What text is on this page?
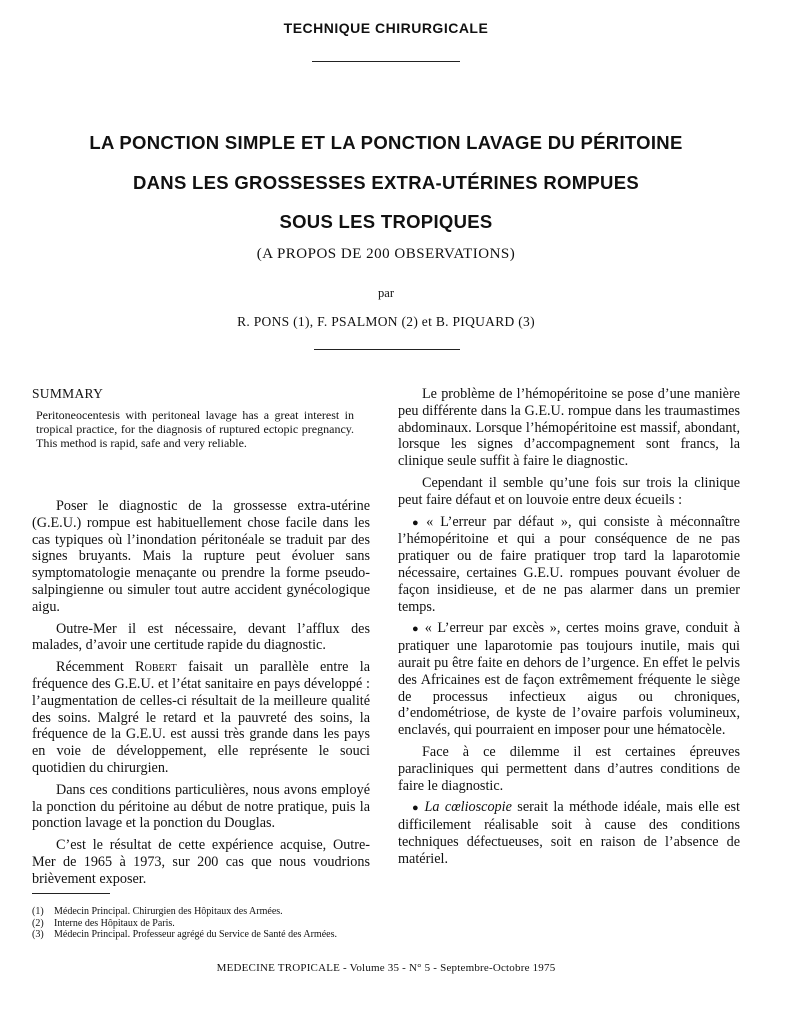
TECHNIQUE CHIRURGICALE
LA PONCTION SIMPLE ET LA PONCTION LAVAGE DU PÉRITOINE
DANS LES GROSSESSES EXTRA-UTÉRINES ROMPUES
SOUS LES TROPIQUES
(A PROPOS DE 200 OBSERVATIONS)
par
R. PONS (1), F. PSALMON (2) et B. PIQUARD (3)
SUMMARY
Peritoneocentesis with peritoneal lavage has a great interest in tropical practice, for the diagnosis of ruptured ectopic pregnancy. This method is rapid, safe and very reliable.

Poser le diagnostic de la grossesse extra-utérine (G.E.U.) rompue est habituellement chose facile dans les cas typiques où l’inondation péritonéale se traduit par des signes bruyants. Mais la rupture peut évoluer sans symptomatologie menaçante ou prendre la forme pseudo-salpingienne ou simuler tout autre accident gynécologique aigu.

Outre-Mer il est nécessaire, devant l’afflux des malades, d’avoir une certitude rapide du diagnostic.

Récemment Robert faisait un parallèle entre la fréquence des G.E.U. et l’état sanitaire en pays développé : l’augmentation de celles-ci résultait de la meilleure qualité des soins. Malgré le retard et la pauvreté des soins, la fréquence de la G.E.U. est aussi très grande dans les pays en voie de développement, elle représente le souci quotidien du chirurgien.

Dans ces conditions particulières, nous avons employé la ponction du péritoine au début de notre pratique, puis la ponction lavage et la ponction du Douglas.

C’est le résultat de cette expérience acquise, Outre-Mer de 1965 à 1973, sur 200 cas que nous voudrions brièvement exposer.

Le problème de l’hémopéritoine se pose d’une manière peu différente dans la G.E.U. rompue dans les traumastimes abdominaux. Lorsque l’hémopéritoine est massif, abondant, lorsque les signes d’accompagnement sont francs, la clinique seule suffit à faire le diagnostic.

Cependant il semble qu’une fois sur trois la clinique peut faire défaut et on louvoie entre deux écueils :

● « L’erreur par défaut », qui consiste à méconnaître l’hémopéritoine et qui a pour conséquence de ne pas pratiquer ou de faire pratiquer trop tard la laparotomie nécessaire, certaines G.E.U. rompues pouvant évoluer de façon insidieuse, et de ne pas alarmer dans un premier temps.

● « L’erreur par excès », certes moins grave, conduit à pratiquer une laparotomie pas toujours inutile, mais qui aurait pu être faite en dehors de l’urgence. En effet le pelvis des Africaines est de façon extrêmement fréquente le siège de processus infectieux aigus ou chroniques, d’endométriose, de kyste de l’ovaire parfois volumineux, enclavés, qui pourraient en imposer pour une hématocèle.

Face à ce dilemme il est certaines épreuves paracliniques qui permettent dans d’autres conditions de faire le diagnostic.

● La cœlioscopie serait la méthode idéale, mais elle est difficilement réalisable soit à cause des conditions techniques défectueuses, soit en raison de l’absence de matériel.

(1)	Médecin Principal. Chirurgien des Hôpitaux des Armées.
(2)	Interne des Hôpitaux de Paris.
(3)	Médecin Principal. Professeur agrégé du Service de Santé des Armées.
MEDECINE TROPICALE - Volume 35 - N° 5 - Septembre-Octobre 1975
